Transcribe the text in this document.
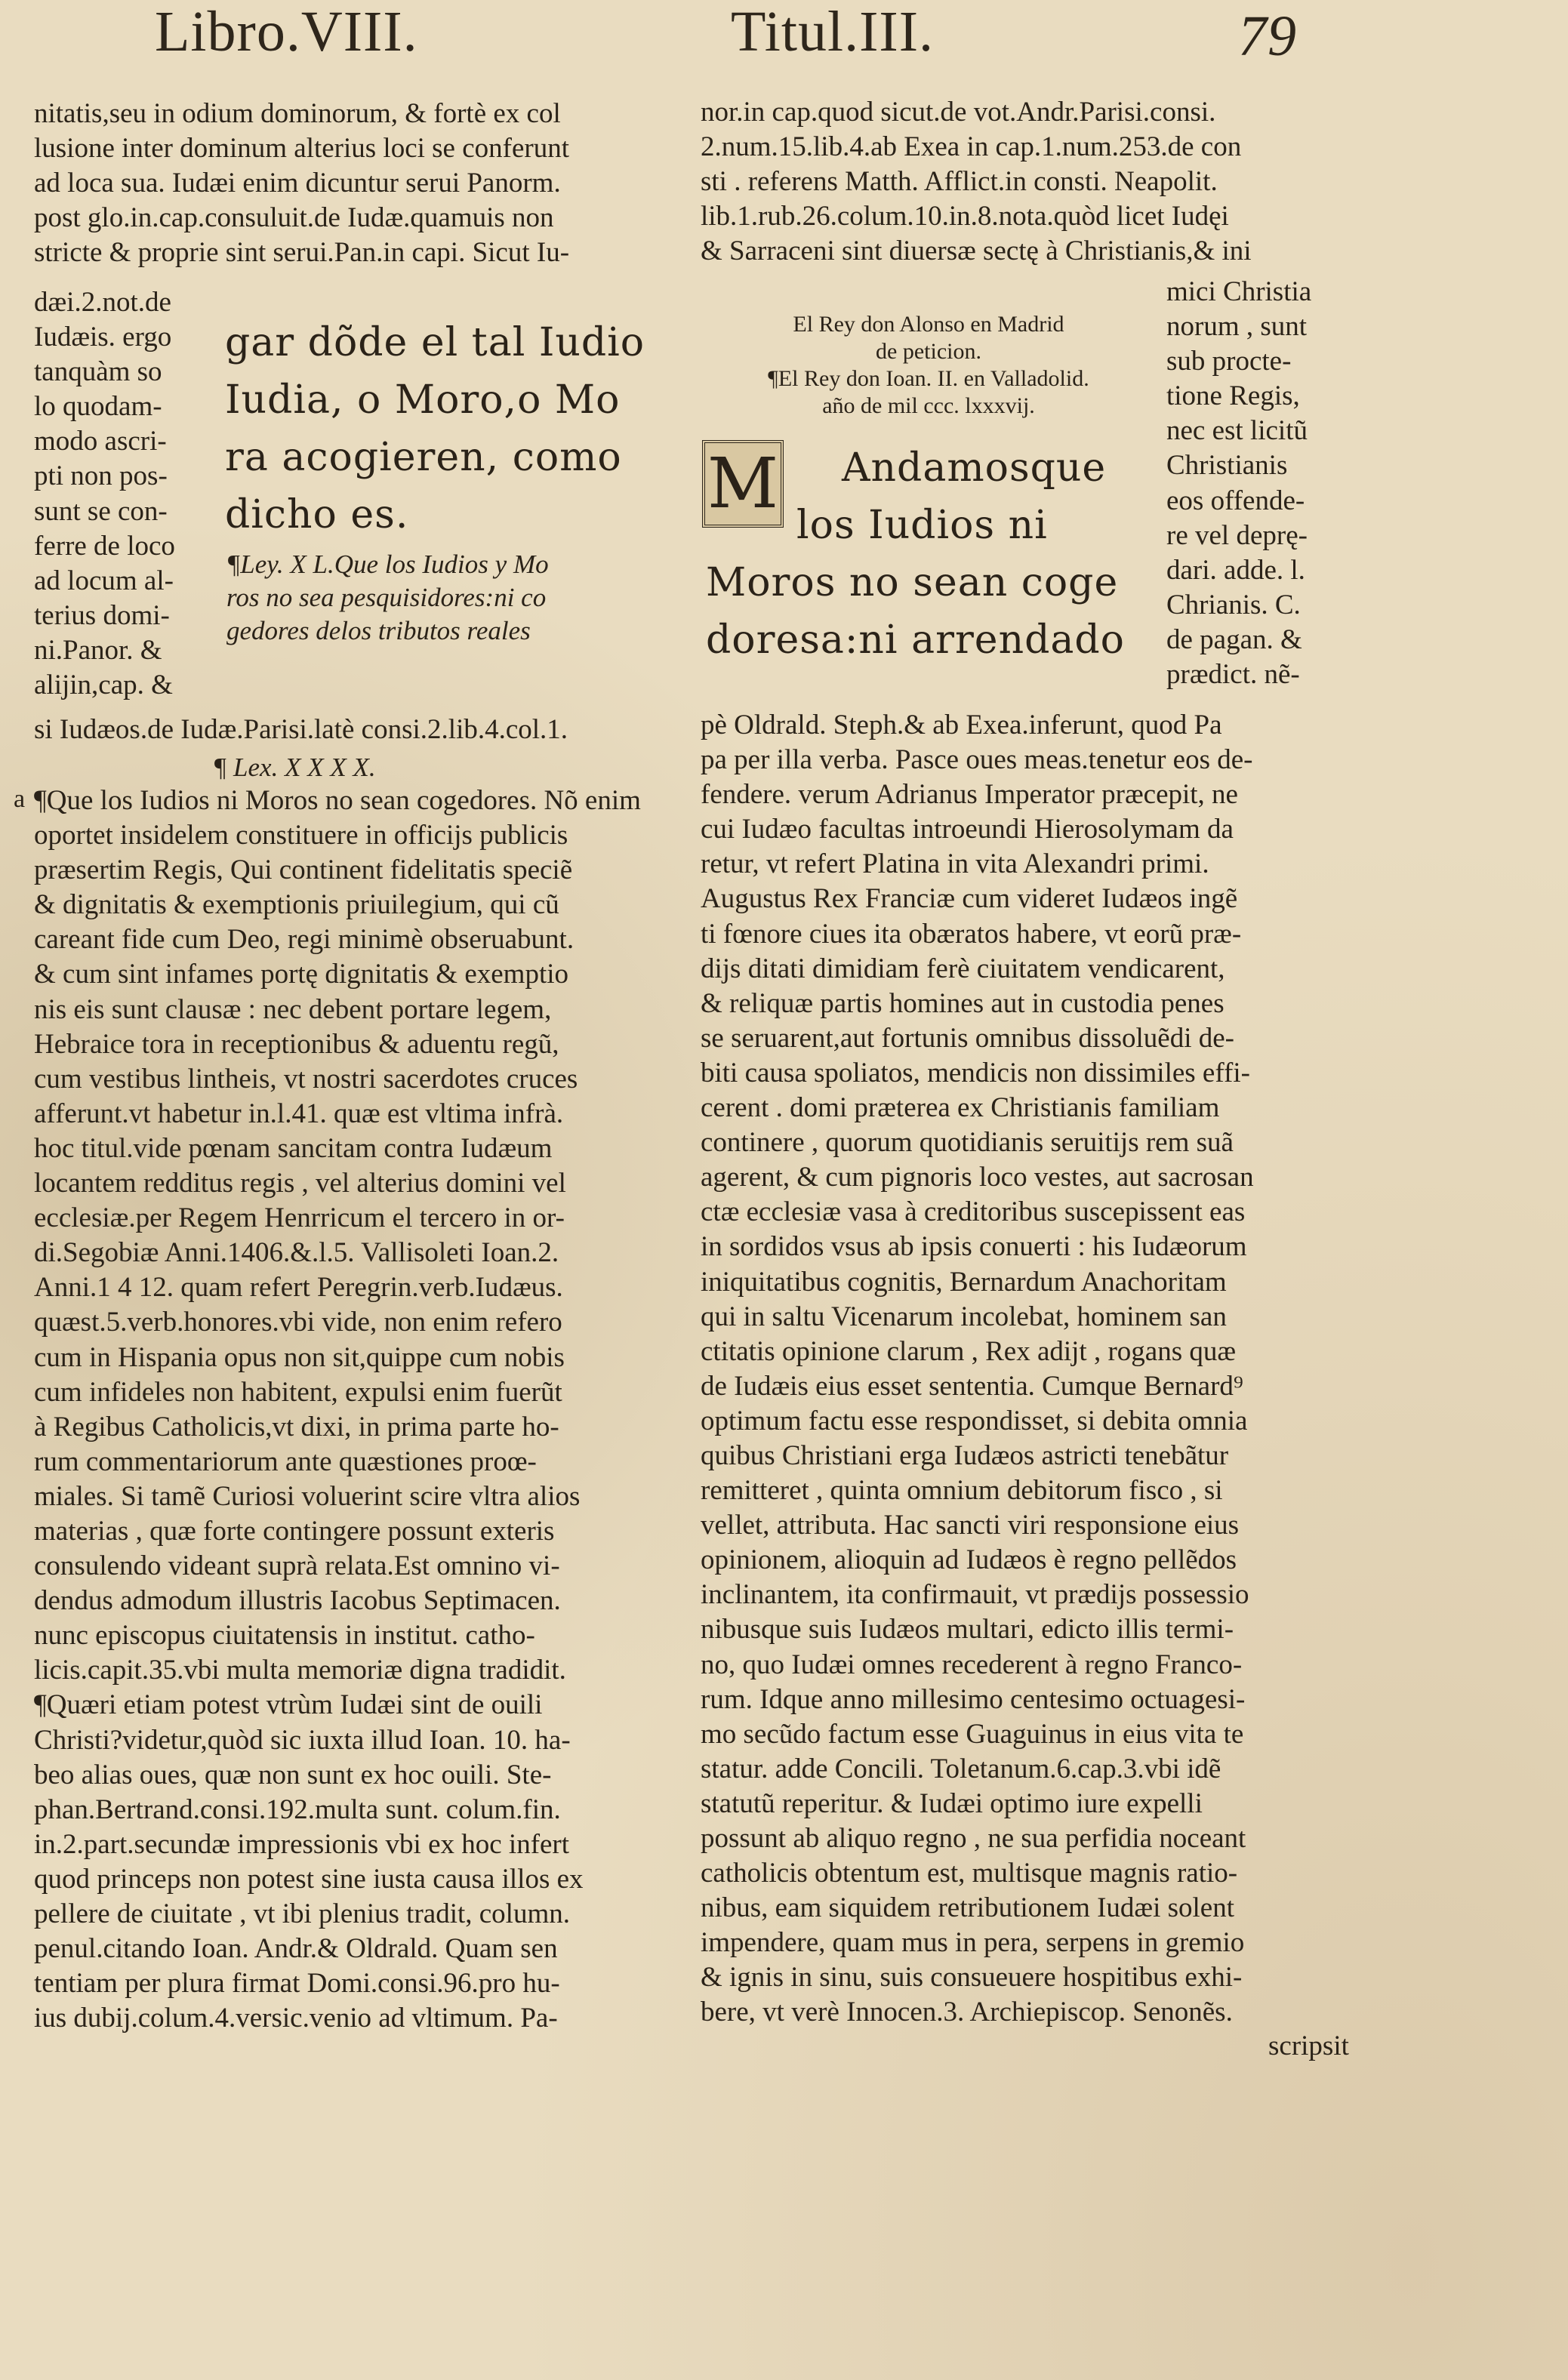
Libro.VIII.	Titul.III.	79
nitatis,seu in odium dominorum, & fortè ex col
lusione inter dominum alterius loci se conferunt
ad loca sua. Iudæi enim dicuntur serui Panorm.
post glo.in.cap.consuluit.de Iudæ.quamuis non
stricte & proprie sint serui.Pan.in capi. Sicut Iu-
dæi.2.not.de
Iudæis. ergo
tanquàm so
lo quodam-
modo ascri-
pti non pos-
sunt se con-
ferre de loco
ad locum al-
terius domi-
ni.Panor. &
alijin,cap. &
gar dõde el tal Iudio
Iudia, o Moro,o Mo
ra acogieren, como
dicho es.
¶Ley. X L.Que los Iudios y Mo
ros no sea pesquisidores:ni co
gedores delos tributos reales
si Iudæos.de Iudæ.Parisi.latè consi.2.lib.4.col.1.
¶ Lex. X X X X.
a ¶Que los Iudios ni Moros no sean cogedores. Nõ enim
oportet insidelem constituere in officijs publicis
præsertim Regis, Qui continent fidelitatis speciẽ
& dignitatis & exemptionis priuilegium, qui cũ
careant fide cum Deo, regi minimè obseruabunt.
& cum sint infames portę dignitatis & exemptio
nis eis sunt clausæ : nec debent portare legem,
Hebraice tora in receptionibus & aduentu regũ,
cum vestibus lintheis, vt nostri sacerdotes cruces
afferunt.vt habetur in.l.41. quæ est vltima infrà.
hoc titul.vide pœnam sancitam contra Iudæum
locantem redditus regis , vel alterius domini vel
ecclesiæ.per Regem Henrricum el tercero in or-
di.Segobiæ Anni.1406.&.l.5. Vallisoleti Ioan.2.
Anni.1 4 12. quam refert Peregrin.verb.Iudæus.
quæst.5.verb.honores.vbi vide, non enim refero
cum in Hispania opus non sit,quippe cum nobis
cum infideles non habitent, expulsi enim fuerũt
à Regibus Catholicis,vt dixi, in prima parte ho-
rum commentariorum ante quæstiones proœ-
miales. Si tamẽ Curiosi voluerint scire vltra alios
materias , quæ forte contingere possunt exteris
consulendo videant suprà relata.Est omnino vi-
dendus admodum illustris Iacobus Septimacen.
nunc episcopus ciuitatensis in institut. catho-
licis.capit.35.vbi multa memoriæ digna tradidit.
¶Quæri etiam potest vtrùm Iudæi sint de ouili
Christi?videtur,quòd sic iuxta illud Ioan. 10. ha-
beo alias oues, quæ non sunt ex hoc ouili. Ste-
phan.Bertrand.consi.192.multa sunt. colum.fin.
in.2.part.secundæ impressionis vbi ex hoc infert
quod princeps non potest sine iusta causa illos ex
pellere de ciuitate , vt ibi plenius tradit, column.
penul.citando Ioan. Andr.& Oldrald. Quam sen
tentiam per plura firmat Domi.consi.96.pro hu-
ius dubij.colum.4.versic.venio ad vltimum. Pa-
nor.in cap.quod sicut.de vot.Andr.Parisi.consi.
2.num.15.lib.4.ab Exea in cap.1.num.253.de con
sti . referens Matth. Afflict.in consti. Neapolit.
lib.1.rub.26.colum.10.in.8.nota.quòd licet Iudęi
& Sarraceni sint diuersæ sectę à Christianis,& ini
mici Christia
norum , sunt
sub procte-
tione Regis,
nec est licitũ
Christianis
eos offende-
re vel deprę-
dari. adde. l.
Chrianis. C.
de pagan. &
prædict. nẽ-
El Rey don Alonso en Madrid
de peticion.
¶El Rey don Ioan. II. en Valladolid.
año de mil ccc. lxxxvij.
M	Andamosque
los Iudios ni
Moros no sean coge
doresa:ni arrendado
pè Oldrald. Steph.& ab Exea.inferunt, quod Pa
pa per illa verba. Pasce oues meas.tenetur eos de-
fendere. verum Adrianus Imperator præcepit, ne
cui Iudæo facultas introeundi Hierosolymam da
retur, vt refert Platina in vita Alexandri primi.
Augustus Rex Franciæ cum videret Iudæos ingẽ
ti fœnore ciues ita obæratos habere, vt eorũ præ-
dijs ditati dimidiam ferè ciuitatem vendicarent,
& reliquæ partis homines aut in custodia penes
se seruarent,aut fortunis omnibus dissoluẽdi de-
biti causa spoliatos, mendicis non dissimiles effi-
cerent . domi præterea ex Christianis familiam
continere , quorum quotidianis seruitijs rem suã
agerent, & cum pignoris loco vestes, aut sacrosan
ctæ ecclesiæ vasa à creditoribus suscepissent eas
in sordidos vsus ab ipsis conuerti : his Iudæorum
iniquitatibus cognitis, Bernardum Anachoritam
qui in saltu Vicenarum incolebat, hominem san
ctitatis opinione clarum , Rex adijt , rogans quæ
de Iudæis eius esset sententia. Cumque Bernard⁹
optimum factu esse respondisset, si debita omnia
quibus Christiani erga Iudæos astricti tenebãtur
remitteret , quinta omnium debitorum fisco , si
vellet, attributa. Hac sancti viri responsione eius
opinionem, alioquin ad Iudæos è regno pellẽdos
inclinantem, ita confirmauit, vt prædijs possessio
nibusque suis Iudæos multari, edicto illis termi-
no, quo Iudæi omnes recederent à regno Franco-
rum. Idque anno millesimo centesimo octuagesi-
mo secũdo factum esse Guaguinus in eius vita te
statur. adde Concili. Toletanum.6.cap.3.vbi idẽ
statutũ reperitur. & Iudæi optimo iure expelli
possunt ab aliquo regno , ne sua perfidia noceant
catholicis obtentum est, multisque magnis ratio-
nibus, eam siquidem retributionem Iudæi solent
impendere, quam mus in pera, serpens in gremio
& ignis in sinu, suis consueuere hospitibus exhi-
bere, vt verè Innocen.3. Archiepiscop. Senonẽs.
scripsit
